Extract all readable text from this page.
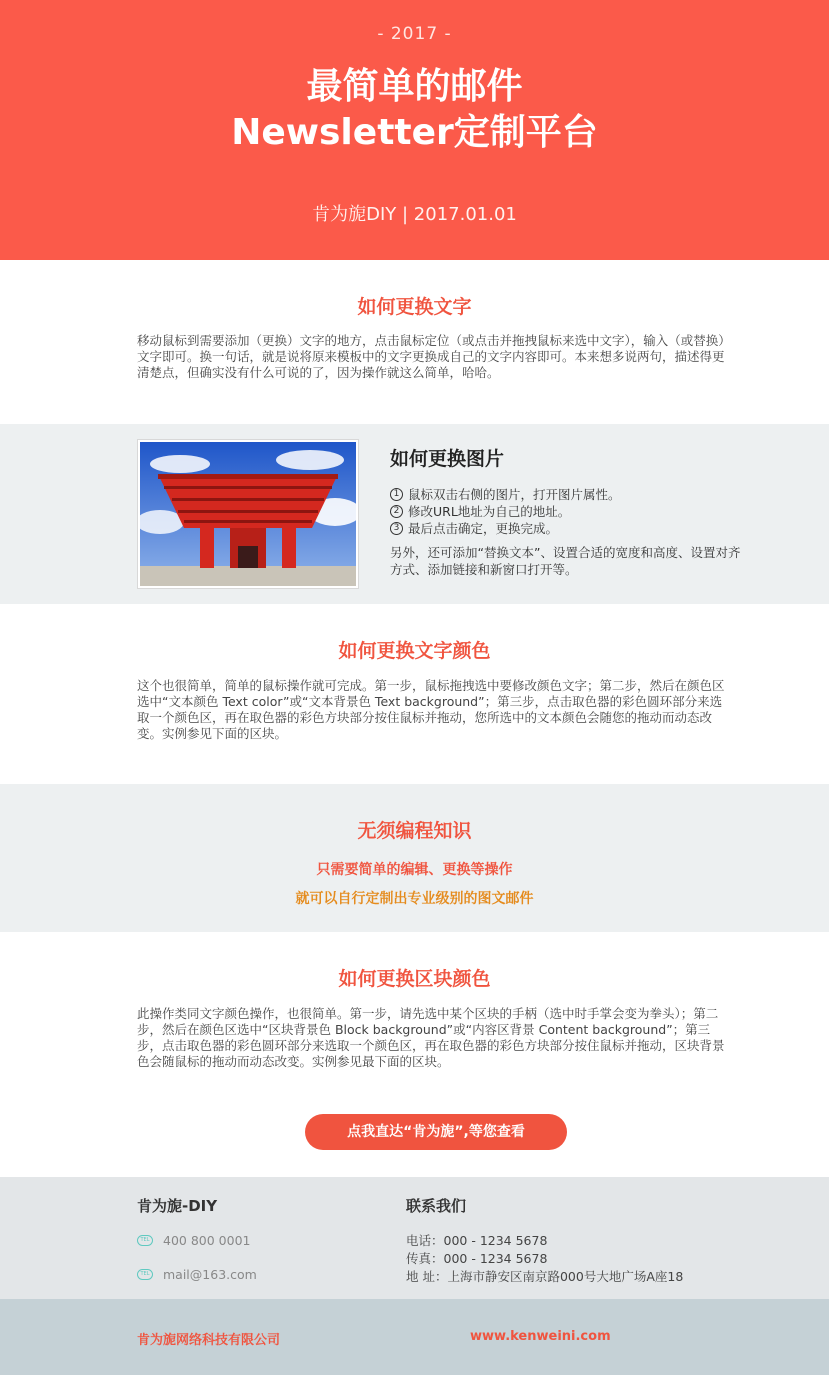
- 2017 -
最简单的邮件
Newsletter定制平台
肯为旎DIY | 2017.01.01
如何更换文字
移动鼠标到需要添加（更换）文字的地方，点击鼠标定位（或点击并拖拽鼠标来选中文字），输入（或替换）文字即可。换一句话，就是说将原来模板中的文字更换成自己的文字内容即可。本来想多说两句，描述得更清楚点，但确实没有什么可说的了，因为操作就这么简单，哈哈。
如何更换图片
1 鼠标双击右侧的图片，打开图片属性。
2 修改URL地址为自己的地址。
3 最后点击确定，更换完成。
另外，还可添加“替换文本”、设置合适的宽度和高度、设置对齐方式、添加链接和新窗口打开等。
如何更换文字颜色
这个也很简单，简单的鼠标操作就可完成。第一步，鼠标拖拽选中要修改颜色文字；第二步，然后在颜色区选中“文本颜色 Text color”或“文本背景色 Text background”；第三步，点击取色器的彩色圆环部分来选取一个颜色区，再在取色器的彩色方块部分按住鼠标并拖动，您所选中的文本颜色会随您的拖动而动态改变。实例参见下面的区块。
无须编程知识
只需要简单的编辑、更换等操作
就可以自行定制出专业级别的图文邮件
如何更换区块颜色
此操作类同文字颜色操作，也很简单。第一步，请先选中某个区块的手柄（选中时手掌会变为拳头）；第二步，然后在颜色区选中“区块背景色 Block background”或“内容区背景 Content background”；第三步，点击取色器的彩色圆环部分来选取一个颜色区，再在取色器的彩色方块部分按住鼠标并拖动，区块背景色会随鼠标的拖动而动态改变。实例参见最下面的区块。
点我直达“肯为旎”,等您查看
肯为旎-DIY
TEL 400 800 0001
TEL mail@163.com
联系我们
电话：000 - 1234 5678
传真：000 - 1234 5678
地 址：上海市静安区南京路000号大地广场A座18
肯为旎网络科技有限公司	www.kenweini.com
